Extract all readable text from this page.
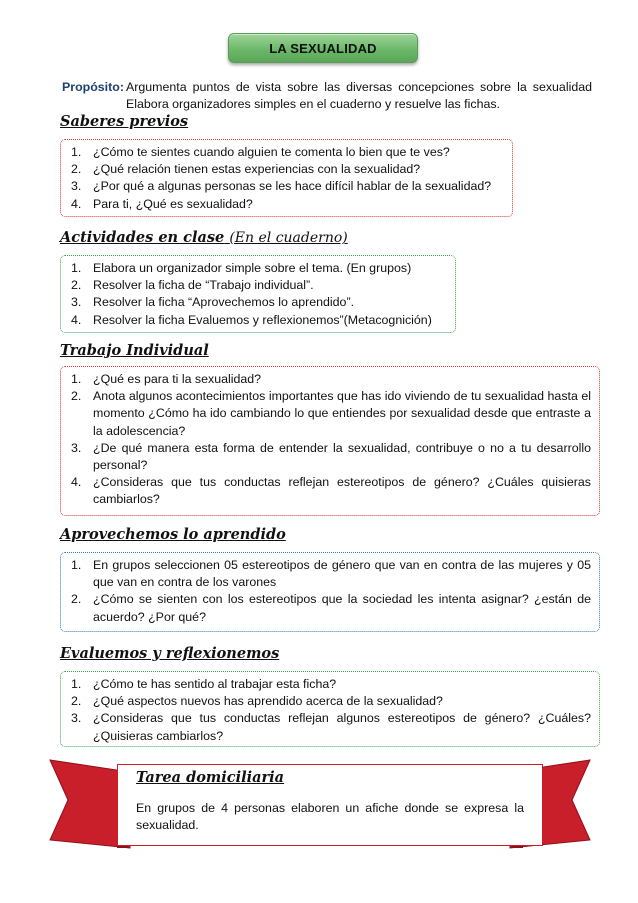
LA SEXUALIDAD
Propósito: Argumenta puntos de vista sobre las diversas concepciones sobre la sexualidad Elabora organizadores simples en el cuaderno y resuelve las fichas.
Saberes previos
1. ¿Cómo te sientes cuando alguien te comenta lo bien que te ves?
2. ¿Qué relación tienen estas experiencias con la sexualidad?
3. ¿Por qué a algunas personas se les hace difícil hablar de la sexualidad?
4. Para ti, ¿Qué es sexualidad?
Actividades en clase (En el cuaderno)
1. Elabora un organizador simple sobre el tema. (En grupos)
2. Resolver la ficha de “Trabajo individual”.
3. Resolver la ficha “Aprovechemos lo aprendido”.
4. Resolver la ficha Evaluemos y reflexionemos”(Metacognición)
Trabajo Individual
1. ¿Qué es para ti la sexualidad?
2. Anota algunos acontecimientos importantes que has ido viviendo de tu sexualidad hasta el momento ¿Cómo ha ido cambiando lo que entiendes por sexualidad desde que entraste a la adolescencia?
3. ¿De qué manera esta forma de entender la sexualidad, contribuye o no a tu desarrollo personal?
4. ¿Consideras que tus conductas reflejan estereotipos de género? ¿Cuáles quisieras cambiarlos?
Aprovechemos lo aprendido
1. En grupos seleccionen 05 estereotipos de género que van en contra de las mujeres y 05 que van en contra de los varones
2. ¿Cómo se sienten con los estereotipos que la sociedad les intenta asignar? ¿están de acuerdo? ¿Por qué?
Evaluemos y reflexionemos
1. ¿Cómo te has sentido al trabajar esta ficha?
2. ¿Qué aspectos nuevos has aprendido acerca de la sexualidad?
3. ¿Consideras que tus conductas reflejan algunos estereotipos de género? ¿Cuáles? ¿Quisieras cambiarlos?
Tarea domiciliaria
En grupos de 4 personas elaboren un afiche donde se expresa la sexualidad.
